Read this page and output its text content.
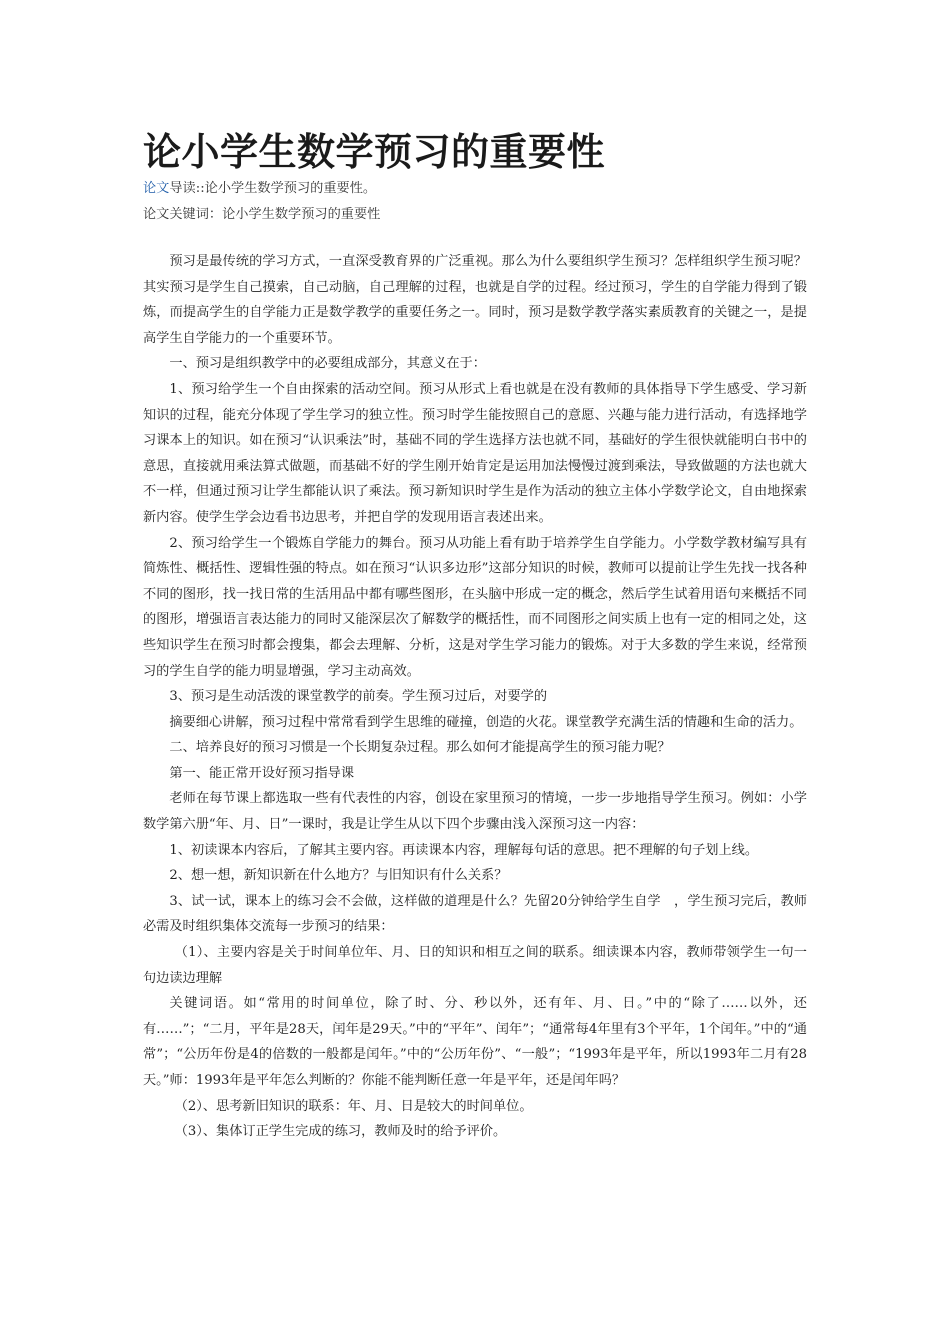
论小学生数学预习的重要性

论文导读::论小学生数学预习的重要性。

论文关键词：论小学生数学预习的重要性

预习是最传统的学习方式，一直深受教育界的广泛重视。那么为什么要组织学生预习？怎样组织学生预习呢？其实预习是学生自己摸索，自己动脑，自己理解的过程，也就是自学的过程。经过预习，学生的自学能力得到了锻炼，而提高学生的自学能力正是数学教学的重要任务之一。同时，预习是数学教学落实素质教育的关键之一，是提高学生自学能力的一个重要环节。

一、预习是组织教学中的必要组成部分，其意义在于：

1、预习给学生一个自由探索的活动空间。预习从形式上看也就是在没有教师的具体指导下学生感受、学习新知识的过程，能充分体现了学生学习的独立性。预习时学生能按照自己的意愿、兴趣与能力进行活动，有选择地学习课本上的知识。如在预习“认识乘法”时，基础不同的学生选择方法也就不同，基础好的学生很快就能明白书中的意思，直接就用乘法算式做题，而基础不好的学生刚开始肯定是运用加法慢慢过渡到乘法，导致做题的方法也就大不一样，但通过预习让学生都能认识了乘法。预习新知识时学生是作为活动的独立主体小学数学论文，自由地探索新内容。使学生学会边看书边思考，并把自学的发现用语言表述出来。

2、预习给学生一个锻炼自学能力的舞台。预习从功能上看有助于培养学生自学能力。小学数学教材编写具有简炼性、概括性、逻辑性强的特点。如在预习“认识多边形”这部分知识的时候，教师可以提前让学生先找一找各种不同的图形，找一找日常的生活用品中都有哪些图形，在头脑中形成一定的概念，然后学生试着用语句来概括不同的图形，增强语言表达能力的同时又能深层次了解数学的概括性，而不同图形之间实质上也有一定的相同之处，这些知识学生在预习时都会搜集，都会去理解、分析，这是对学生学习能力的锻炼。对于大多数的学生来说，经常预习的学生自学的能力明显增强，学习主动高效。

3、预习是生动活泼的课堂教学的前奏。学生预习过后，对要学的

摘要细心讲解，预习过程中常常看到学生思维的碰撞，创造的火花。课堂教学充满生活的情趣和生命的活力。

二、培养良好的预习习惯是一个长期复杂过程。那么如何才能提高学生的预习能力呢？

第一、能正常开设好预习指导课

老师在每节课上都选取一些有代表性的内容，创设在家里预习的情境，一步一步地指导学生预习。例如：小学数学第六册“年、月、日”一课时，我是让学生从以下四个步骤由浅入深预习这一内容：

1、初读课本内容后，了解其主要内容。再读课本内容，理解每句话的意思。把不理解的句子划上线。

2、想一想，新知识新在什么地方？与旧知识有什么关系？

3、试一试，课本上的练习会不会做，这样做的道理是什么？先留20分钟给学生自学　，学生预习完后，教师必需及时组织集体交流每一步预习的结果：

（1）、主要内容是关于时间单位年、月、日的知识和相互之间的联系。细读课本内容，教师带领学生一句一句边读边理解

关键词语。如“常用的时间单位，除了时、分、秒以外，还有年、月、日。”中的“除了……以外，还有……”；“二月，平年是28天，闰年是29天。”中的“平年”、闰年”；“通常每4年里有3个平年，1个闰年。”中的“通常”；“公历年份是4的倍数的一般都是闰年。”中的“公历年份”、“一般”；“1993年是平年，所以1993年二月有28天。”师：1993年是平年怎么判断的？你能不能判断任意一年是平年，还是闰年吗？

（2）、思考新旧知识的联系：年、月、日是较大的时间单位。

（3）、集体订正学生完成的练习，教师及时的给予评价。
